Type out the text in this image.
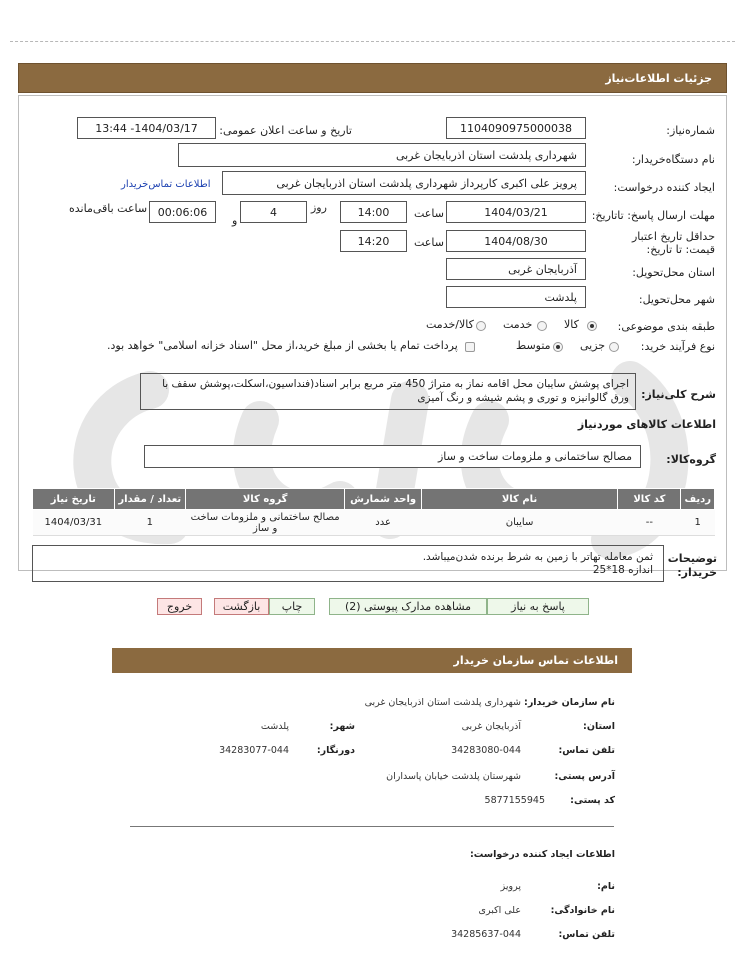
جزئیات اطلاعات‌نیاز
شماره‌نیاز:
1104090975000038
تاریخ و ساعت اعلان عمومی:
1404/03/17- 13:44
نام دستگاه‌خریدار:
شهرداری پلدشت استان اذربایجان غربی
ایجاد کننده درخواست:
پرویز علی اکبری کارپرداز شهرداری پلدشت استان اذربایجان غربی
اطلاعات تماس‌خریدار
مهلت ارسال پاسخ: تاتاریخ:
1404/03/21
ساعت
14:00
روز
و
4
00:06:06
ساعت باقی‌مانده
حداقل تاریخ اعتبار قیمت: تا تاریخ:
1404/08/30
ساعت
14:20
استان محل‌تحویل:
آذربایجان غربی
شهر محل‌تحویل:
پلدشت
طبقه بندی موضوعی:
کالا
خدمت
کالا/خدمت
نوع فرآیند خرید:
جزیی
متوسط
پرداخت تمام یا بخشی از مبلغ خرید،از محل "اسناد خزانه اسلامی" خواهد بود.
شرح کلی‌نیاز:
اجرای پوشش سایبان محل اقامه نماز به متراژ 450 متر مربع برابر اسناد(فنداسیون،اسکلت،پوشش سقف با ورق گالوانیزه و توری و پشم شیشه و رنگ آمیزی
اطلاعات کالاهای موردنیاز
گروه‌کالا:
مصالح ساختمانی و ملزومات ساخت و ساز
ردیف	کد کالا	نام کالا	واحد شمارش	گروه کالا	تعداد / مقدار	تاریخ نیاز
1	--	سایبان	عدد	مصالح ساختمانی و ملزومات ساخت و ساز	1	1404/03/31
توضیحات خریدار:
ثمن معامله تهاتر با زمین به شرط برنده شدن‌میباشد.
اندازه 18*25
پاسخ به نیاز
مشاهده مدارک پیوستی (2)
چاپ
بازگشت
خروج
اطلاعات تماس سازمان خریدار
نام سازمان خریدار:
شهرداری پلدشت استان اذربایجان غربی
استان:
آذربایجان غربی
شهر:
پلدشت
تلفن تماس:
34283080-044
دورنگار:
34283077-044
آدرس پستی:
شهرستان پلدشت خیابان پاسداران
کد پستی:
5877155945
اطلاعات ایجاد کننده درخواست:
نام:
پرویز
نام خانوادگی:
علی اکبری
تلفن تماس:
34285637-044
